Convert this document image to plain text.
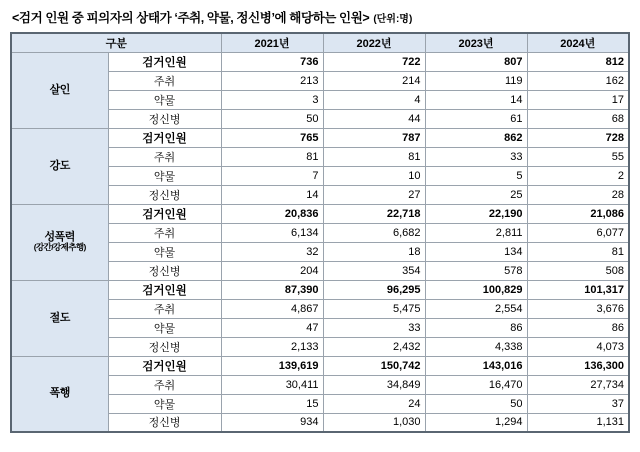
<검거 인원 중 피의자의 상태가 ‘주취, 약물, 정신병’에 해당하는 인원> (단위:명)
구분		2021년	2022년	2023년	2024년
살인	검거인원	736	722	807	812
	주취	213	214	119	162
	약물	3	4	14	17
	정신병	50	44	61	68
강도	검거인원	765	787	862	728
	주취	81	81	33	55
	약물	7	10	5	2
	정신병	14	27	25	28
성폭력
(강간/강제추행)	검거인원	20,836	22,718	22,190	21,086
	주취	6,134	6,682	2,811	6,077
	약물	32	18	134	81
	정신병	204	354	578	508
절도	검거인원	87,390	96,295	100,829	101,317
	주취	4,867	5,475	2,554	3,676
	약물	47	33	86	86
	정신병	2,133	2,432	4,338	4,073
폭행	검거인원	139,619	150,742	143,016	136,300
	주취	30,411	34,849	16,470	27,734
	약물	15	24	50	37
	정신병	934	1,030	1,294	1,131
